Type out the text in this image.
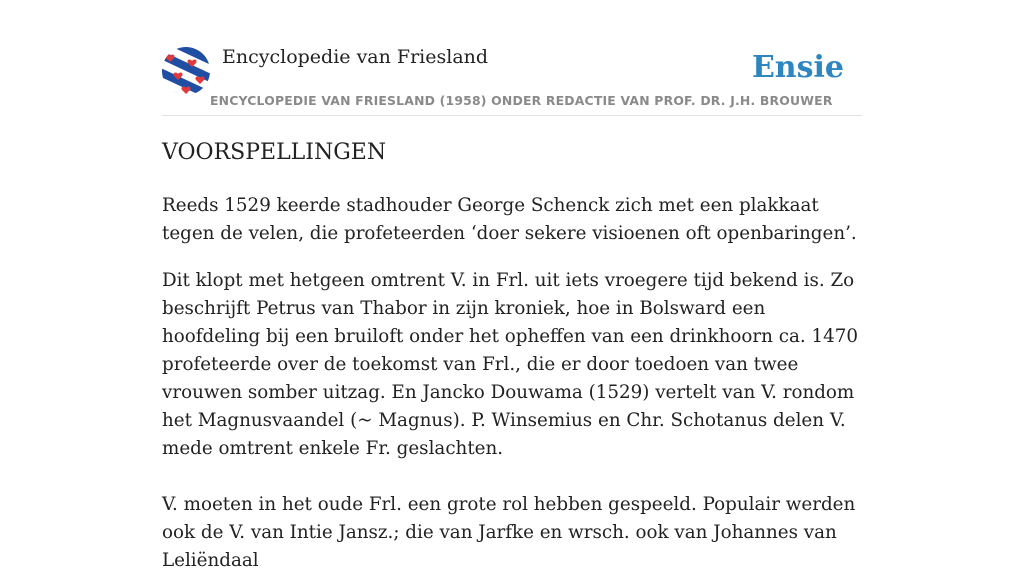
Encyclopedie van Friesland	Ensie
ENCYCLOPEDIE VAN FRIESLAND (1958) ONDER REDACTIE VAN PROF. DR. J.H. BROUWER
VOORSPELLINGEN

Reeds 1529 keerde stadhouder George Schenck zich met een plakkaat tegen de velen, die profeteerden ‘doer sekere visioenen oft openbaringen’.

Dit klopt met hetgeen omtrent V. in Frl. uit iets vroegere tijd bekend is. Zo beschrijft Petrus van Thabor in zijn kroniek, hoe in Bolsward een hoofdeling bij een bruiloft onder het opheffen van een drinkhoorn ca. 1470 profeteerde over de toekomst van Frl., die er door toedoen van twee vrouwen somber uitzag. En Jancko Douwama (1529) vertelt van V. rondom het Magnusvaandel (~ Magnus). P. Winsemius en Chr. Schotanus delen V. mede omtrent enkele Fr. geslachten.

V. moeten in het oude Frl. een grote rol hebben gespeeld. Populair werden ook de V. van Intie Jansz.; die van Jarfke en wrsch. ook van Johannes van Leliëndaal
